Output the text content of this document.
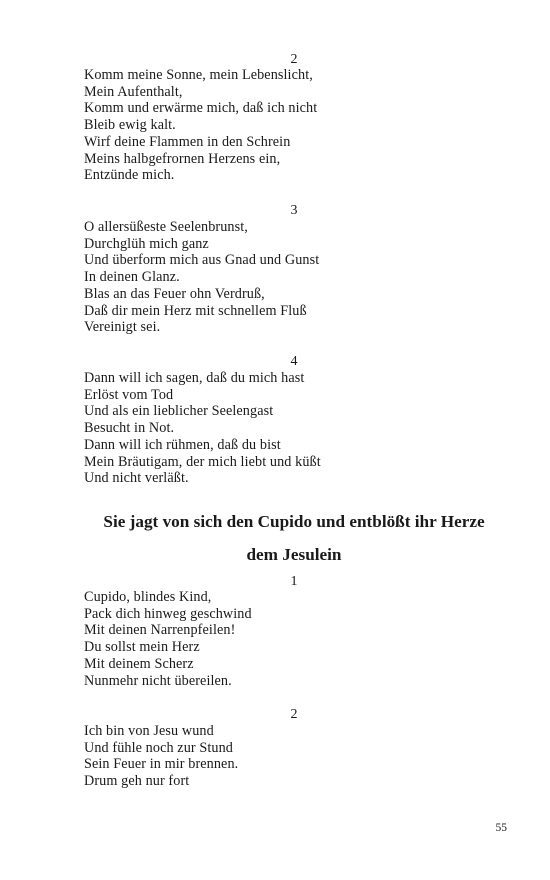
2
Komm meine Sonne, mein Lebenslicht,
Mein Aufenthalt,
Komm und erwärme mich, daß ich nicht
Bleib ewig kalt.
Wirf deine Flammen in den Schrein
Meins halbgefrornen Herzens ein,
Entzünde mich.
3
O allersüßeste Seelenbrunst,
Durchglüh mich ganz
Und überform mich aus Gnad und Gunst
In deinen Glanz.
Blas an das Feuer ohn Verdruß,
Daß dir mein Herz mit schnellem Fluß
Vereinigt sei.
4
Dann will ich sagen, daß du mich hast
Erlöst vom Tod
Und als ein lieblicher Seelengast
Besucht in Not.
Dann will ich rühmen, daß du bist
Mein Bräutigam, der mich liebt und küßt
Und nicht verläßt.
Sie jagt von sich den Cupido und entblößt ihr Herze
dem Jesulein
1
Cupido, blindes Kind,
Pack dich hinweg geschwind
Mit deinen Narrenpfeilen!
Du sollst mein Herz
Mit deinem Scherz
Nunmehr nicht übereilen.
2
Ich bin von Jesu wund
Und fühle noch zur Stund
Sein Feuer in mir brennen.
Drum geh nur fort
55
